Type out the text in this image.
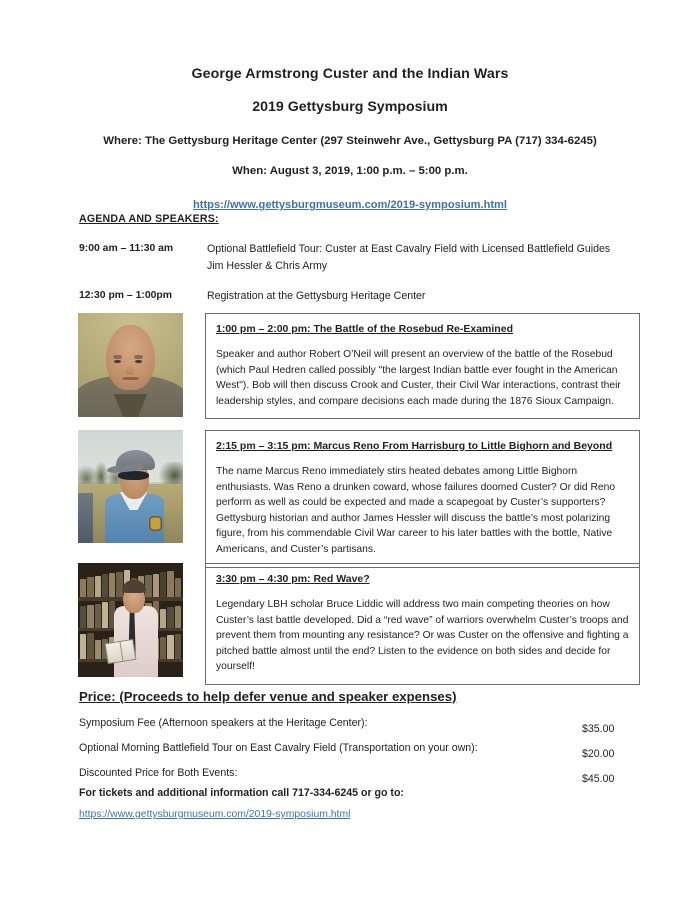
George Armstrong Custer and the Indian Wars
2019 Gettysburg Symposium
Where: The Gettysburg Heritage Center (297 Steinwehr Ave., Gettysburg PA (717) 334-6245)
When: August 3, 2019, 1:00 p.m. – 5:00 p.m.
https://www.gettysburgmuseum.com/2019-symposium.html
AGENDA AND SPEAKERS:
9:00 am – 11:30 am	Optional Battlefield Tour: Custer at East Cavalry Field with Licensed Battlefield Guides Jim Hessler & Chris Army
12:30 pm – 1:00pm	Registration at the Gettysburg Heritage Center
1:00 pm – 2:00 pm: The Battle of the Rosebud Re-Examined

Speaker and author Robert O’Neil will present an overview of the battle of the Rosebud (which Paul Hedren called possibly "the largest Indian battle ever fought in the American West"). Bob will then discuss Crook and Custer, their Civil War interactions, contrast their leadership styles, and compare decisions each made during the 1876 Sioux Campaign.

2:15 pm – 3:15 pm: Marcus Reno From Harrisburg to Little Bighorn and Beyond

The name Marcus Reno immediately stirs heated debates among Little Bighorn enthusiasts. Was Reno a drunken coward, whose failures doomed Custer? Or did Reno perform as well as could be expected and made a scapegoat by Custer’s supporters? Gettysburg historian and author James Hessler will discuss the battle’s most polarizing figure, from his commendable Civil War career to his later battles with the bottle, Native Americans, and Custer’s partisans.

3:30 pm – 4:30 pm: Red Wave?

Legendary LBH scholar Bruce Liddic will address two main competing theories on how Custer’s last battle developed. Did a “red wave” of warriors overwhelm Custer’s troops and prevent them from mounting any resistance? Or was Custer on the offensive and fighting a pitched battle almost until the end? Listen to the evidence on both sides and decide for yourself!

Price: (Proceeds to help defer venue and speaker expenses)
Symposium Fee (Afternoon speakers at the Heritage Center):	$35.00
Optional Morning Battlefield Tour on East Cavalry Field (Transportation on your own):	$20.00
Discounted Price for Both Events:	$45.00
For tickets and additional information call 717-334-6245 or go to:
https://www.gettysburgmuseum.com/2019-symposium.html
